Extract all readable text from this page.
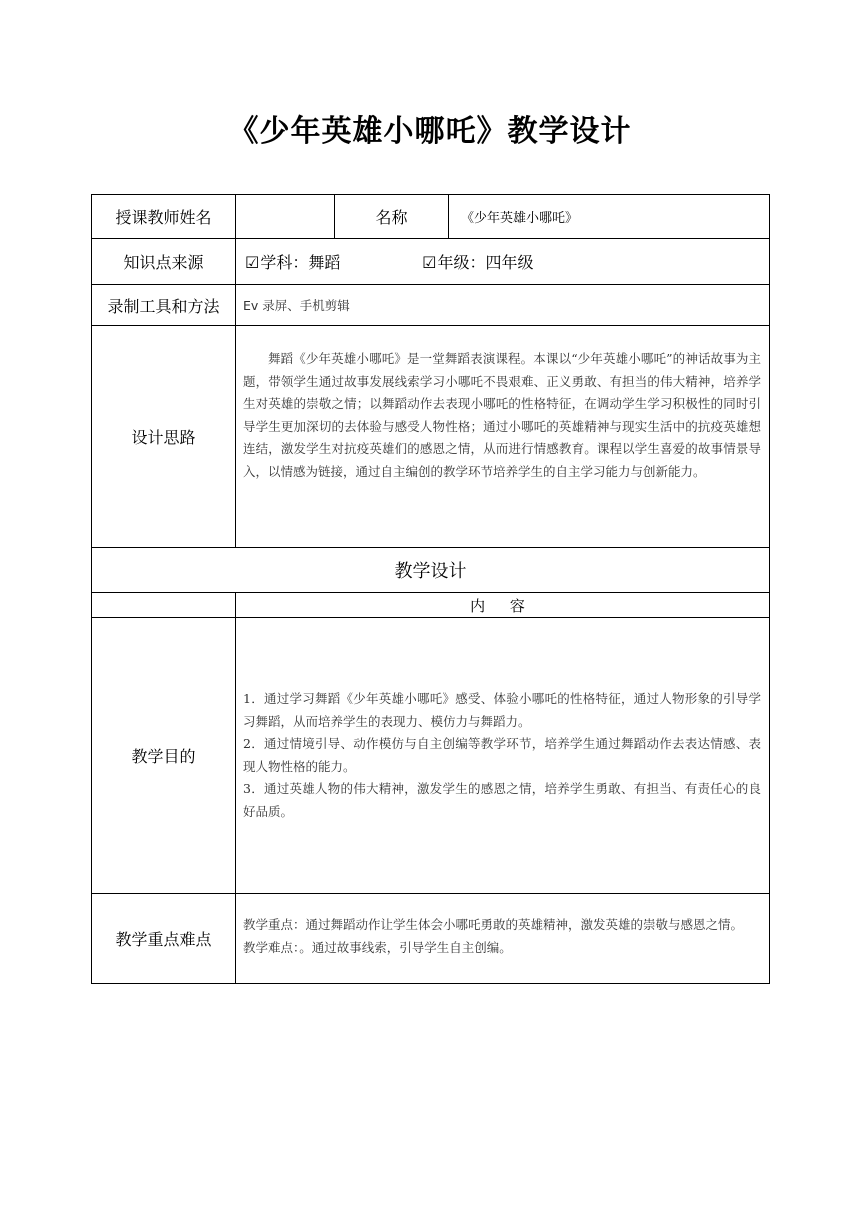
《少年英雄小哪吒》教学设计
授课教师姓名		名称	《少年英雄小哪吒》
知识点来源	☑学科：舞蹈 ☑年级：四年级		
录制工具和方法	Ev 录屏、手机剪辑		
设计思路	舞蹈《少年英雄小哪吒》是一堂舞蹈表演课程。本课以“少年英雄小哪吒”的神话故事为主题，带领学生通过故事发展线索学习小哪吒不畏艰难、正义勇敢、有担当的伟大精神，培养学生对英雄的崇敬之情；以舞蹈动作去表现小哪吒的性格特征，在调动学生学习积极性的同时引导学生更加深切的去体验与感受人物性格；通过小哪吒的英雄精神与现实生活中的抗疫英雄想连结，激发学生对抗疫英雄们的感恩之情，从而进行情感教育。课程以学生喜爱的故事情景导入，以情感为链接，通过自主编创的教学环节培养学生的自主学习能力与创新能力。		

教学设计			
	内 容		
教学目的	1．通过学习舞蹈《少年英雄小哪吒》感受、体验小哪吒的性格特征，通过人物形象的引导学习舞蹈，从而培养学生的表现力、模仿力与舞蹈力。

2．通过情境引导、动作模仿与自主创编等教学环节，培养学生通过舞蹈动作去表达情感、表现人物性格的能力。

3．通过英雄人物的伟大精神，激发学生的感恩之情，培养学生勇敢、有担当、有责任心的良好品质。		

教学重点难点	教学重点：通过舞蹈动作让学生体会小哪吒勇敢的英雄精神，激发英雄的崇敬与感恩之情。

教学难点：。通过故事线索，引导学生自主创编。		
